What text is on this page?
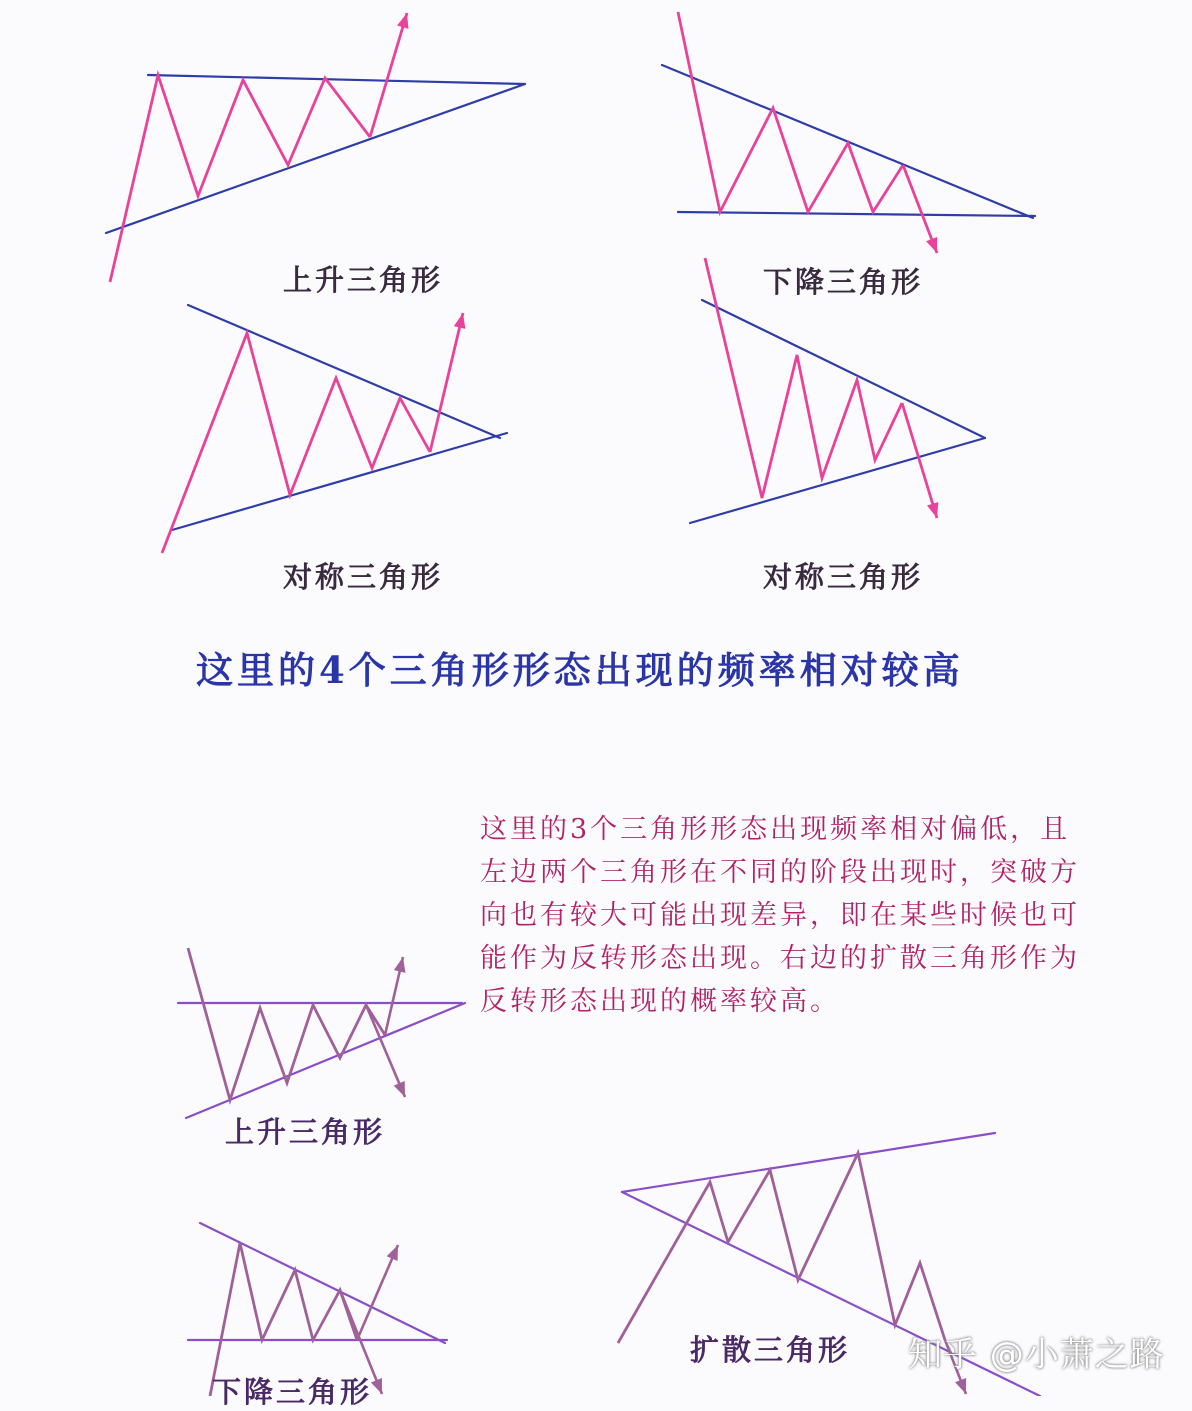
上升三角形	下降三角形
对称三角形	对称三角形
这里的4个三角形形态出现的频率相对较高
这里的3个三角形形态出现频率相对偏低，且
左边两个三角形在不同的阶段出现时，突破方
向也有较大可能出现差异，即在某些时候也可
能作为反转形态出现。右边的扩散三角形作为
反转形态出现的概率较高。
上升三角形
下降三角形
扩散三角形 知乎 @小萧之路
